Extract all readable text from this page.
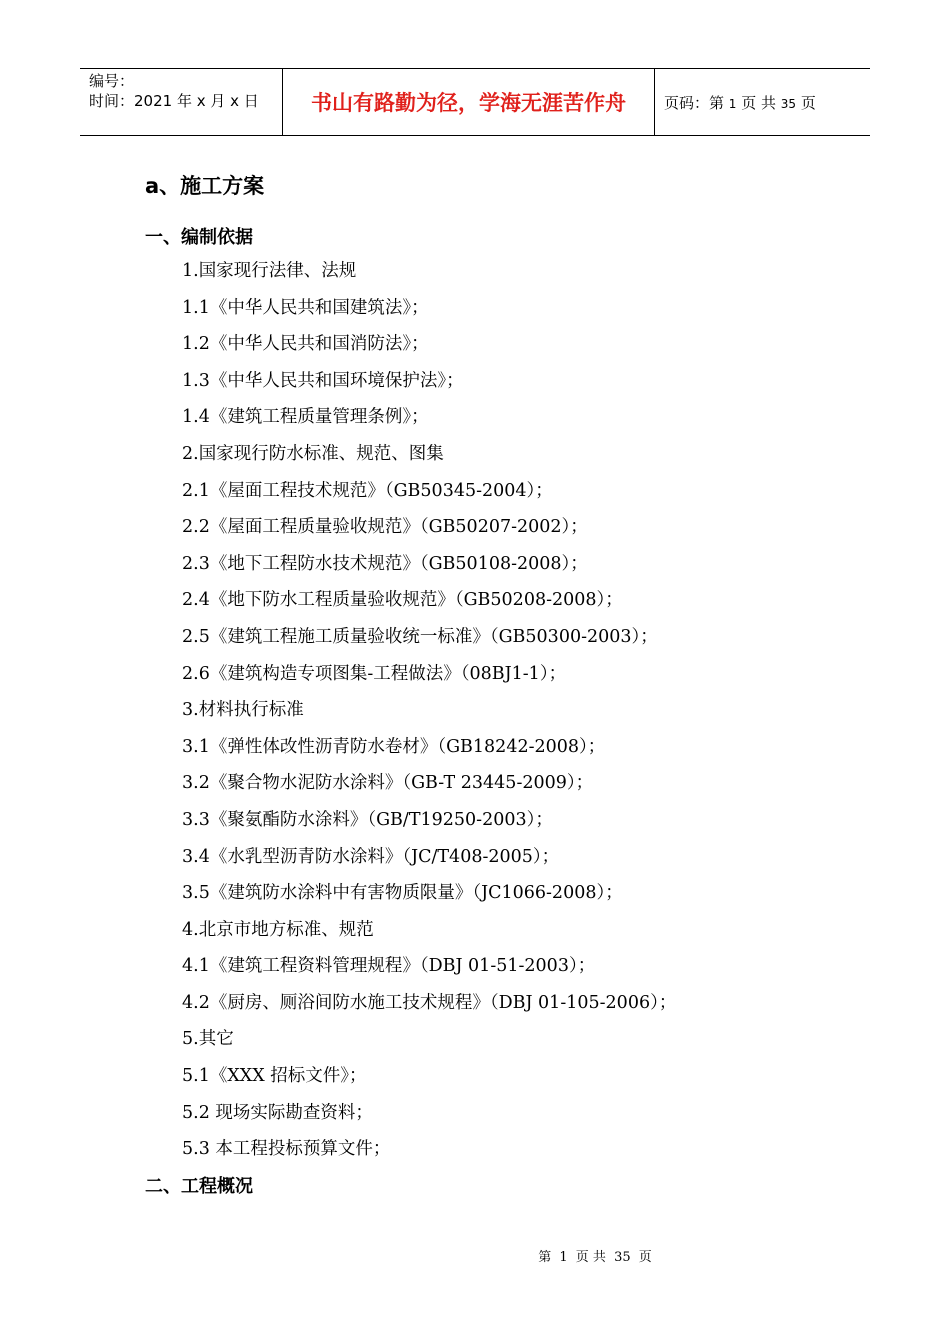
编号：
时间：2021 年 x 月 x 日	书山有路勤为径，学海无涯苦作舟	页码：第 1 页 共 35 页
a、施工方案
一、编制依据
1.国家现行法律、法规
1.1《中华人民共和国建筑法》；
1.2《中华人民共和国消防法》；
1.3《中华人民共和国环境保护法》；
1.4《建筑工程质量管理条例》；
2.国家现行防水标准、规范、图集
2.1《屋面工程技术规范》（GB50345-2004）；
2.2《屋面工程质量验收规范》（GB50207-2002）；
2.3《地下工程防水技术规范》（GB50108-2008）；
2.4《地下防水工程质量验收规范》（GB50208-2008）；
2.5《建筑工程施工质量验收统一标准》（GB50300-2003）；
2.6《建筑构造专项图集-工程做法》（08BJ1-1）；
3.材料执行标准
3.1《弹性体改性沥青防水卷材》（GB18242-2008）；
3.2《聚合物水泥防水涂料》（GB-T 23445-2009）；
3.3《聚氨酯防水涂料》（GB/T19250-2003）；
3.4《水乳型沥青防水涂料》（JC/T408-2005）；
3.5《建筑防水涂料中有害物质限量》（JC1066-2008）；
4.北京市地方标准、规范
4.1《建筑工程资料管理规程》（DBJ 01-51-2003）；
4.2《厨房、厕浴间防水施工技术规程》（DBJ 01-105-2006）；
5.其它
5.1《XXX 招标文件》；
5.2 现场实际勘查资料；
5.3 本工程投标预算文件；
二、工程概况
第 1 页 共 35 页
